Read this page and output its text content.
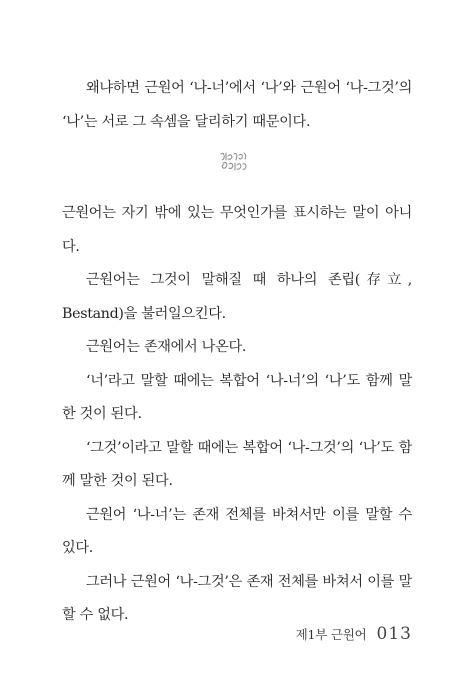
왜냐하면 근원어 ‘나-너’에서 ‘나’와 근원어 ‘나-그것’의 ‘나’는 서로 그 속셈을 달리하기 때문이다.

근원어는 자기 밖에 있는 무엇인가를 표시하는 말이 아니다.

근원어는 그것이 말해질 때 하나의 존립(存立, Bestand)을 불러일으킨다.

근원어는 존재에서 나온다.

‘너’라고 말할 때에는 복합어 ‘나-너’의 ‘나’도 함께 말한 것이 된다.

‘그것’이라고 말할 때에는 복합어 ‘나-그것’의 ‘나’도 함께 말한 것이 된다.

근원어 ‘나-너’는 존재 전체를 바쳐서만 이를 말할 수 있다.

그러나 근원어 ‘나-그것’은 존재 전체를 바쳐서 이를 말할 수 없다.

제1부 근원어 013
